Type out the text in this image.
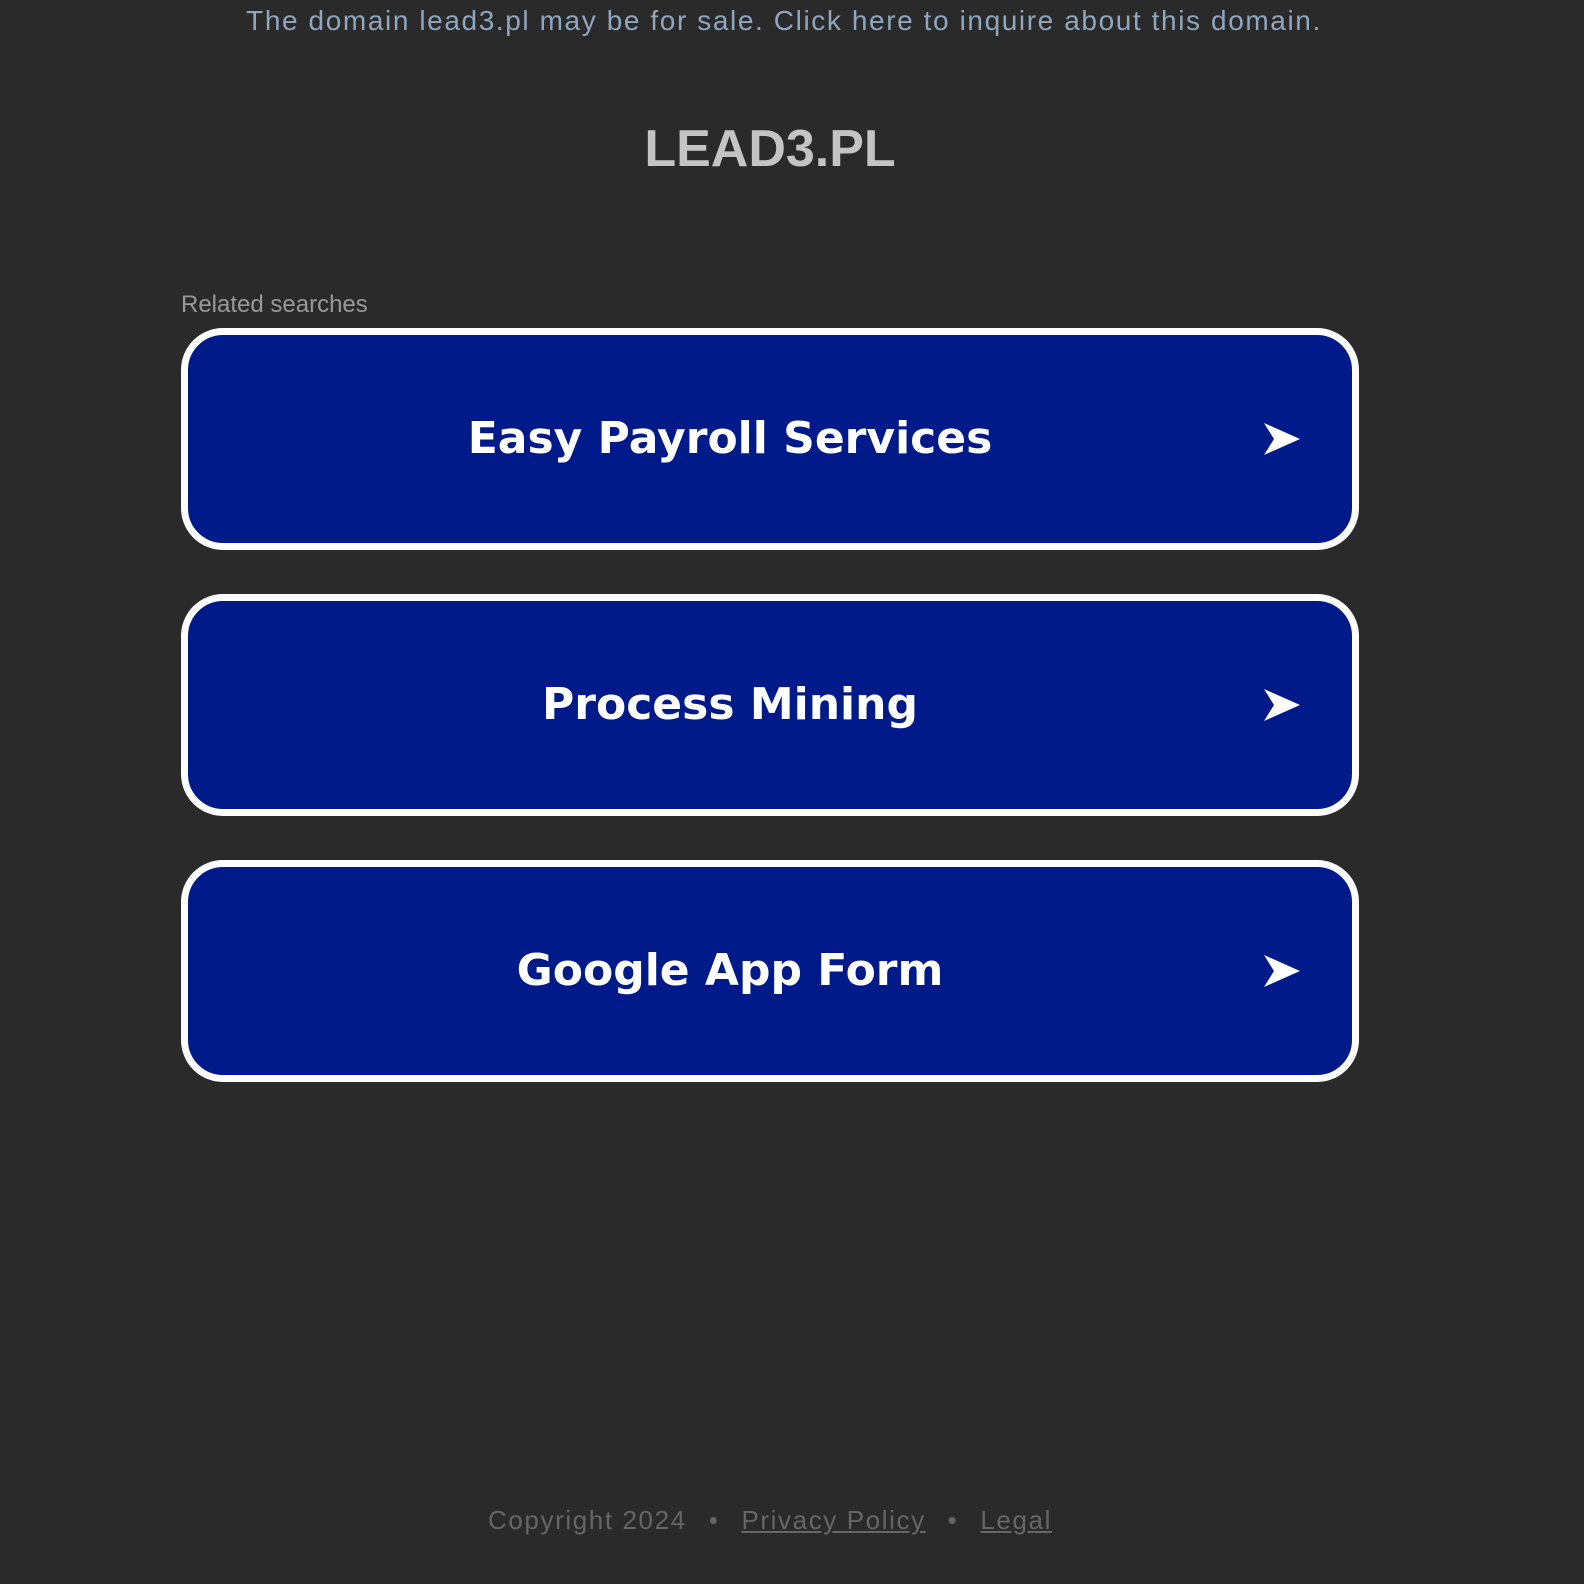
The domain lead3.pl may be for sale. Click here to inquire about this domain.
LEAD3.PL
Related searches
Easy Payroll Services
Process Mining
Google App Form
Copyright 2024 • Privacy Policy • Legal
